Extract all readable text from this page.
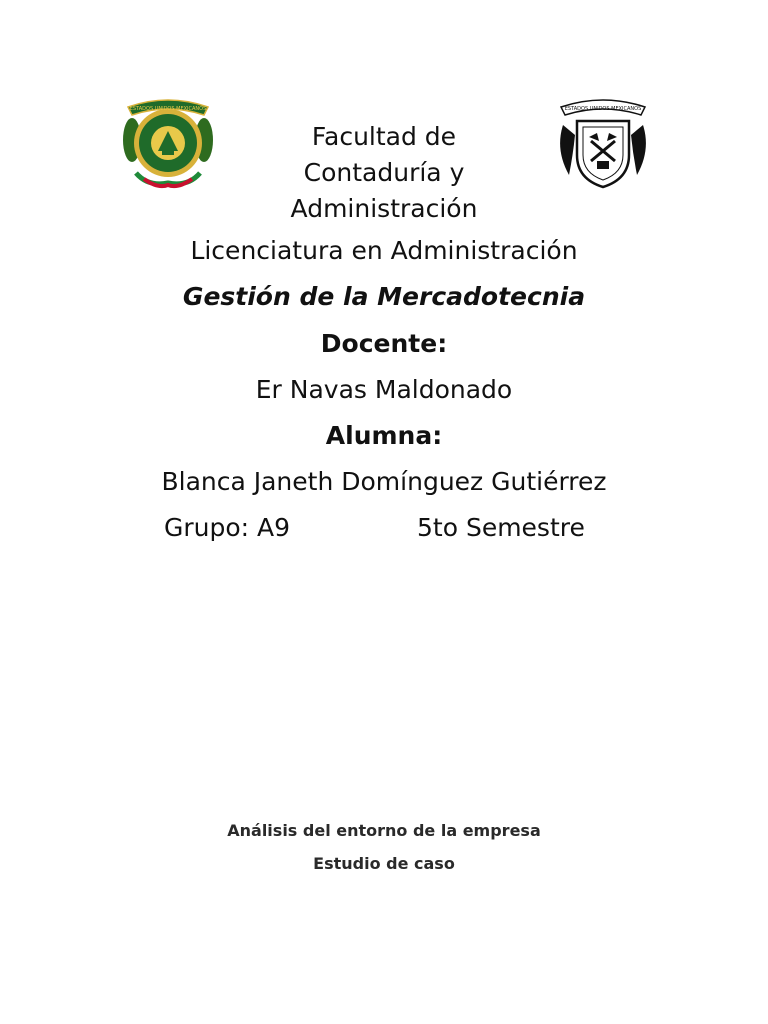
ESTADOS UNIDOS MEXICANOS	ESTADOS UNIDOS MEXICANOS
Facultad de
Contaduría y
Administración
Licenciatura en Administración
Gestión de la Mercadotecnia
Docente:
Er Navas Maldonado
Alumna:
Blanca Janeth Domínguez Gutiérrez
Grupo: A9	5to Semestre
Análisis del entorno de la empresa
Estudio de caso
